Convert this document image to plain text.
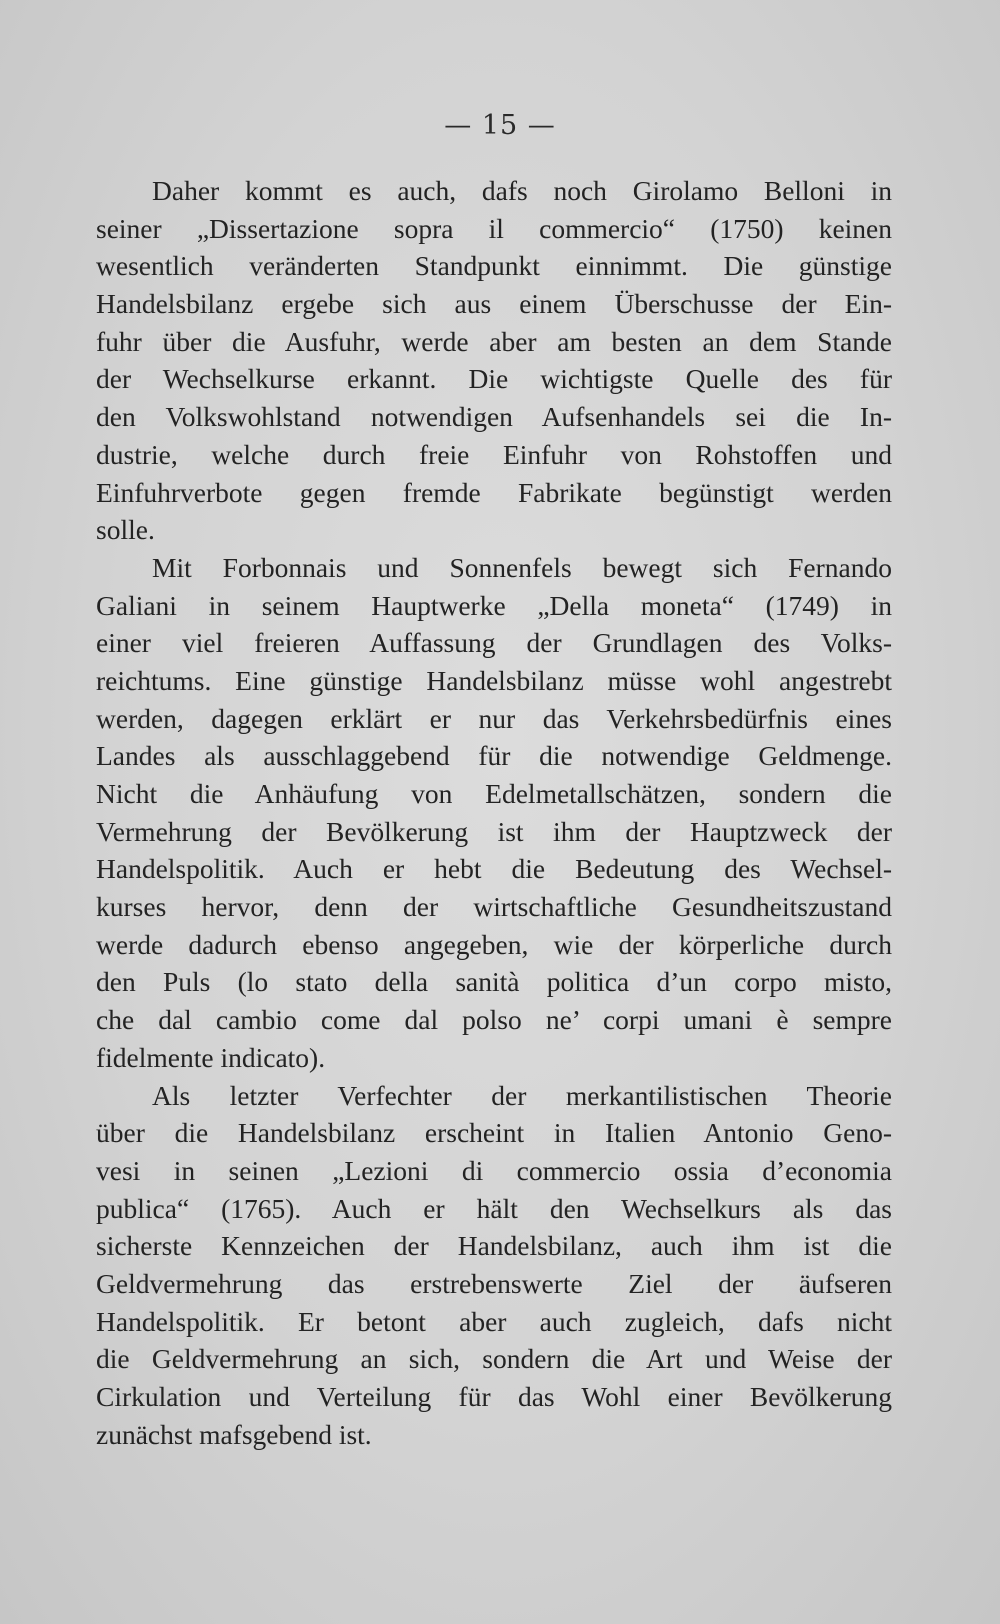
— 15 —

Daher kommt es auch, dafs noch Girolamo Belloni in

seiner „Dissertazione sopra il commercio“ (1750) keinen

wesentlich veränderten Standpunkt einnimmt. Die günstige

Handelsbilanz ergebe sich aus einem Überschusse der Ein-

fuhr über die Ausfuhr, werde aber am besten an dem Stande

der Wechselkurse erkannt. Die wichtigste Quelle des für

den Volkswohlstand notwendigen Aufsenhandels sei die In-

dustrie, welche durch freie Einfuhr von Rohstoffen und

Einfuhrverbote gegen fremde Fabrikate begünstigt werden

solle.

Mit Forbonnais und Sonnenfels bewegt sich Fernando

Galiani in seinem Hauptwerke „Della moneta“ (1749) in

einer viel freieren Auffassung der Grundlagen des Volks-

reichtums. Eine günstige Handelsbilanz müsse wohl angestrebt

werden, dagegen erklärt er nur das Verkehrsbedürfnis eines

Landes als ausschlaggebend für die notwendige Geldmenge.

Nicht die Anhäufung von Edelmetallschätzen, sondern die

Vermehrung der Bevölkerung ist ihm der Hauptzweck der

Handelspolitik. Auch er hebt die Bedeutung des Wechsel-

kurses hervor, denn der wirtschaftliche Gesundheitszustand

werde dadurch ebenso angegeben, wie der körperliche durch

den Puls (lo stato della sanità politica d’un corpo misto,

che dal cambio come dal polso ne’ corpi umani è sempre

fidelmente indicato).

Als letzter Verfechter der merkantilistischen Theorie

über die Handelsbilanz erscheint in Italien Antonio Geno-

vesi in seinen „Lezioni di commercio ossia d’economia

publica“ (1765). Auch er hält den Wechselkurs als das

sicherste Kennzeichen der Handelsbilanz, auch ihm ist die

Geldvermehrung das erstrebenswerte Ziel der äufseren

Handelspolitik. Er betont aber auch zugleich, dafs nicht

die Geldvermehrung an sich, sondern die Art und Weise der

Cirkulation und Verteilung für das Wohl einer Bevölkerung

zunächst mafsgebend ist.
